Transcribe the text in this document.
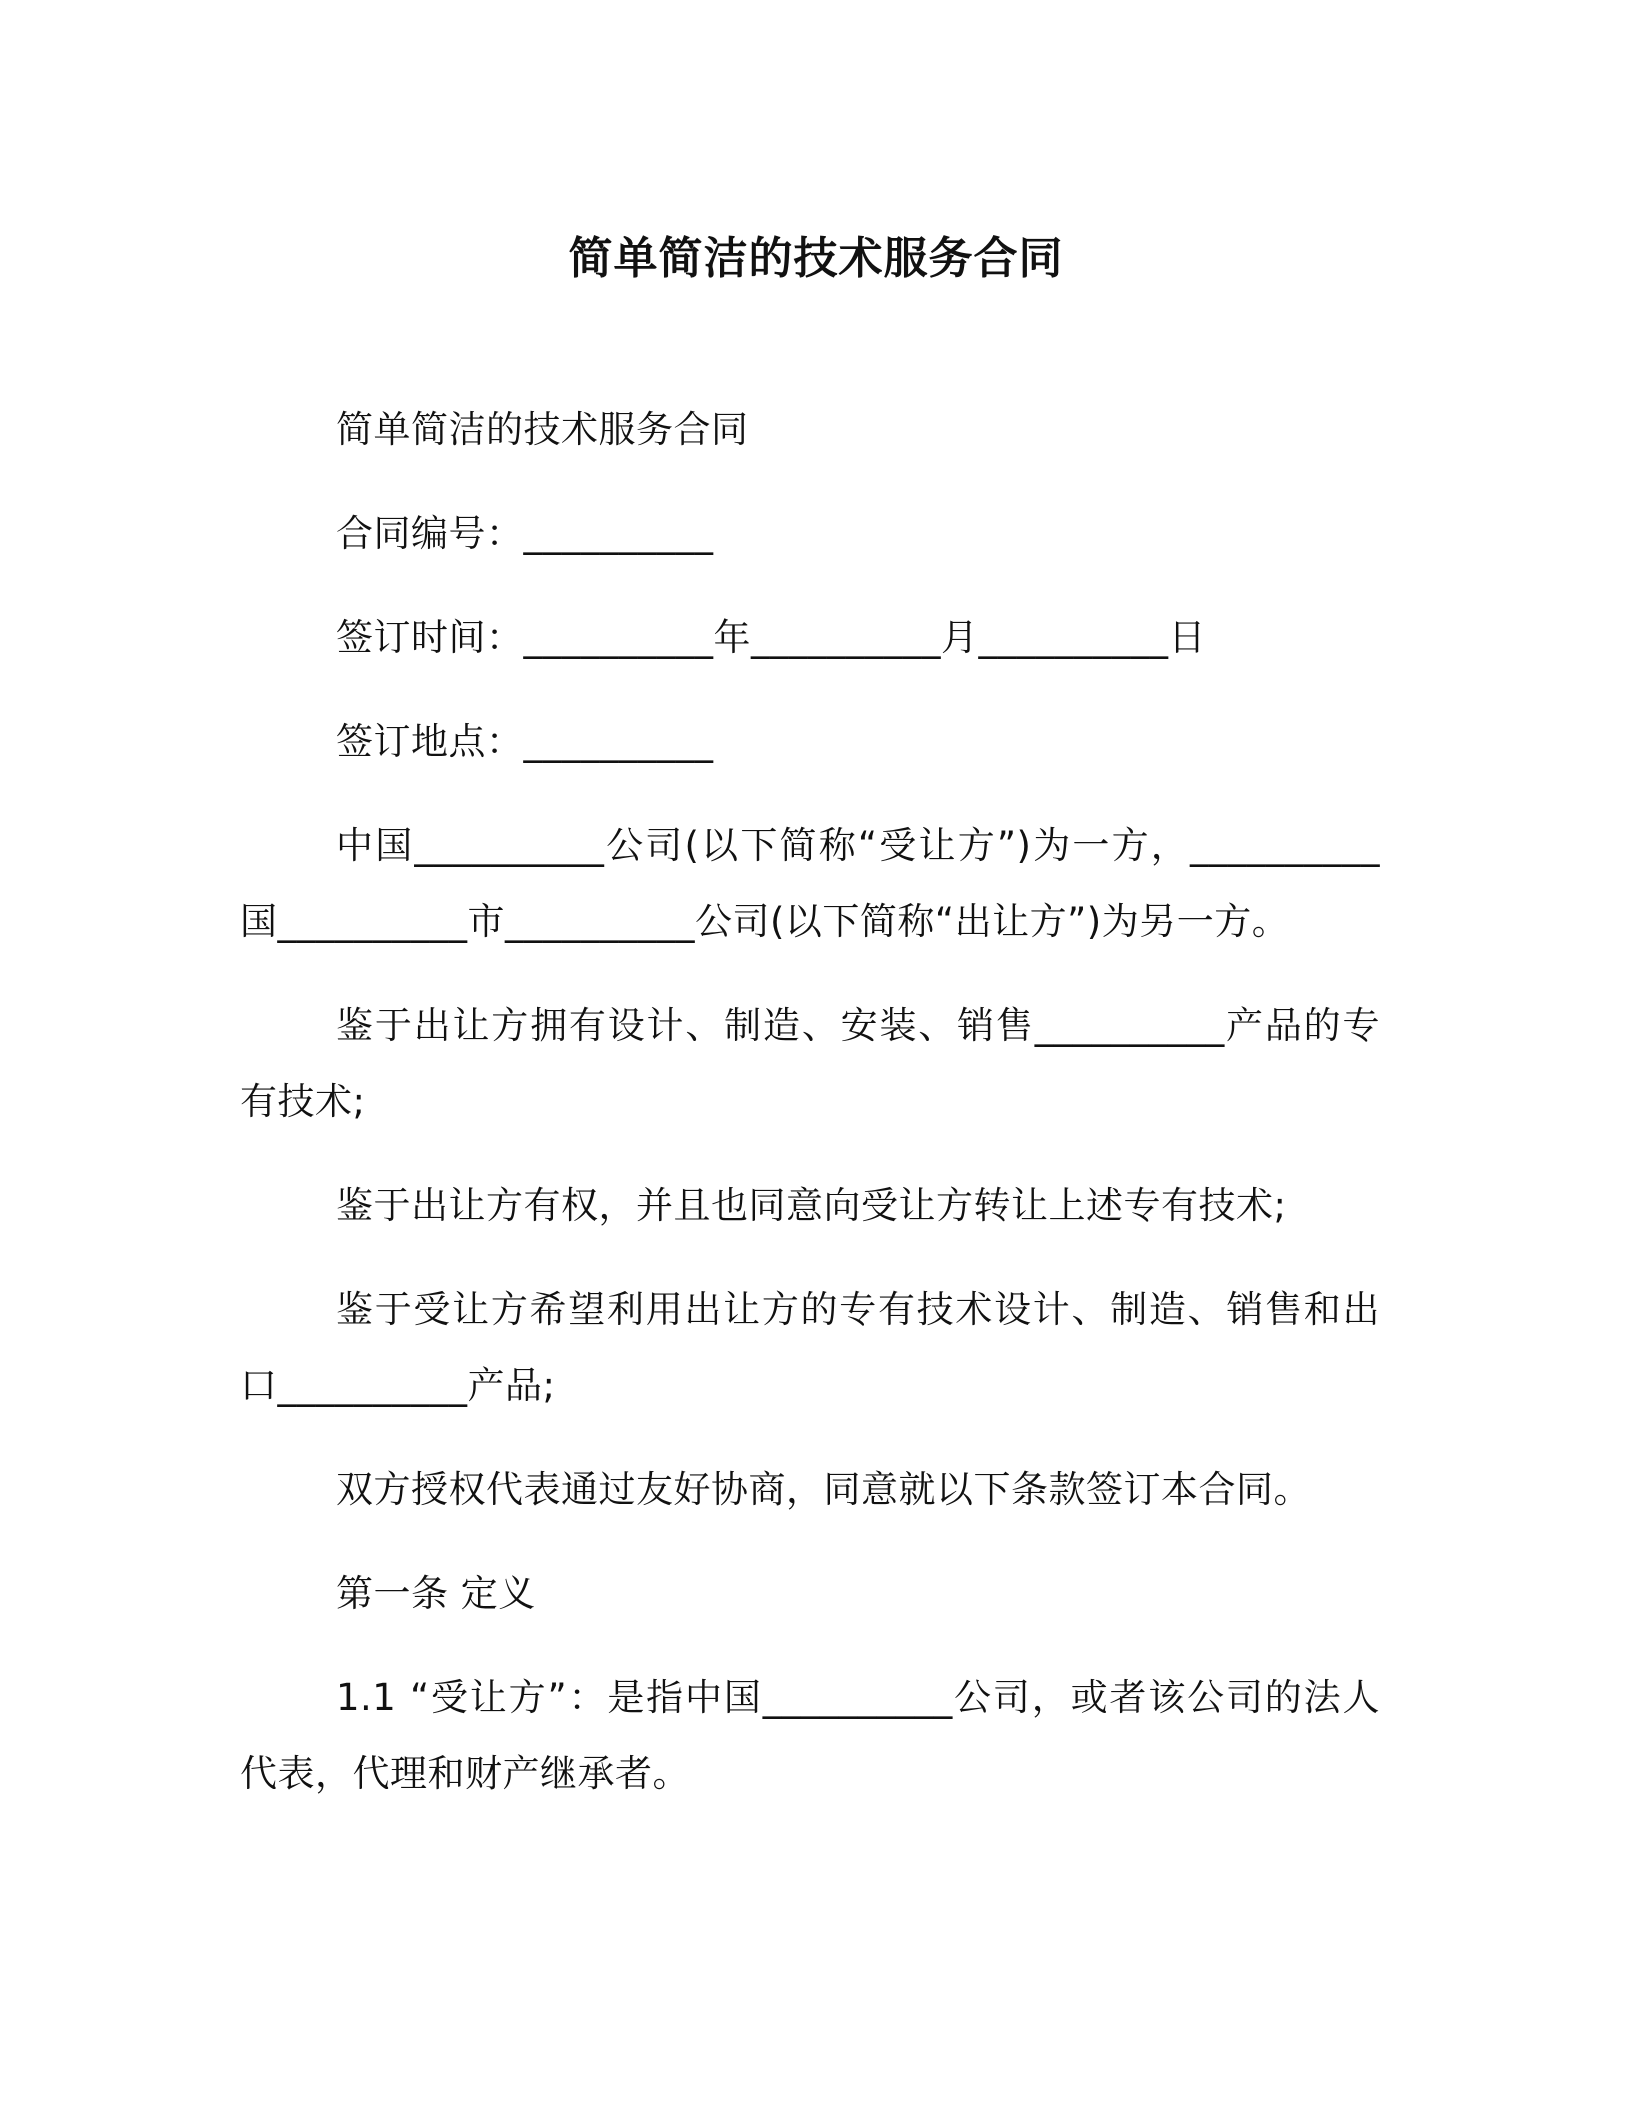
简单简洁的技术服务合同

简单简洁的技术服务合同

合同编号：__________

签订时间：__________年__________月__________日

签订地点：__________

中国__________公司(以下简称“受让方”)为一方，__________国__________市__________公司(以下简称“出让方”)为另一方。

鉴于出让方拥有设计、制造、安装、销售__________产品的专有技术;

鉴于出让方有权，并且也同意向受让方转让上述专有技术;

鉴于受让方希望利用出让方的专有技术设计、制造、销售和出口__________产品;

双方授权代表通过友好协商，同意就以下条款签订本合同。

第一条 定义

1.1 “受让方”：是指中国__________公司，或者该公司的法人代表，代理和财产继承者。
